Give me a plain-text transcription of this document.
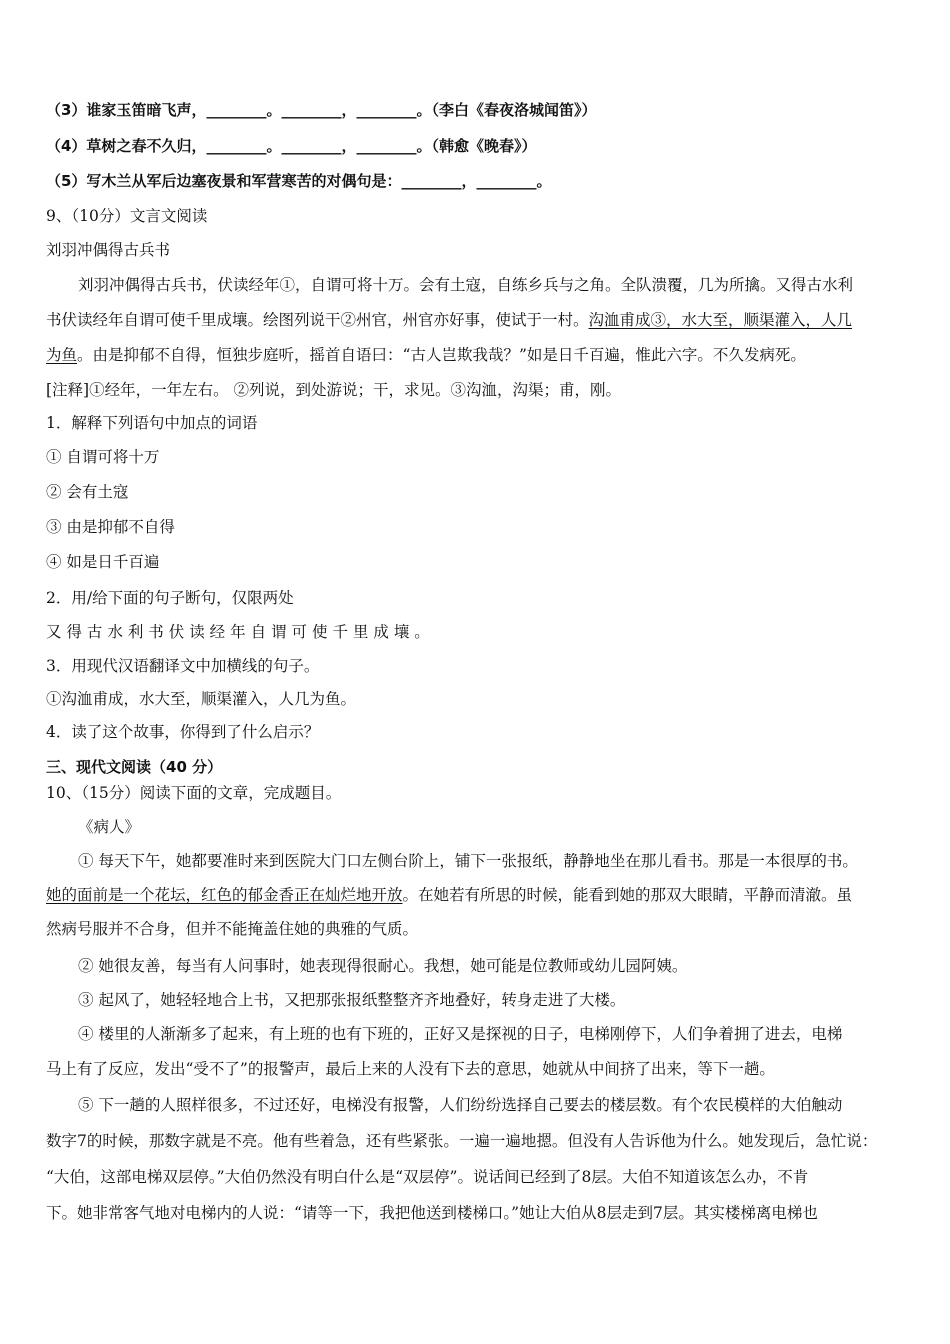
（3）谁家玉笛暗飞声，________。________，________。（李白《春夜洛城闻笛》）
（4）草树之春不久归，________。________，________。（韩愈《晚春》）
（5）写木兰从军后边塞夜景和军营寒苦的对偶句是：________，________。
9、（10分）文言文阅读
刘羽冲偶得古兵书
刘羽冲偶得古兵书，伏读经年①，自谓可将十万。会有土寇，自练乡兵与之角。全队溃覆，几为所擒。又得古水利
书伏读经年自谓可使千里成壤。绘图列说干②州官，州官亦好事，使试于一村。沟洫甫成③，水大至，顺渠灌入，人几
为鱼。由是抑郁不自得，恒独步庭听，摇首自语曰：“古人岂欺我哉？”如是日千百遍，惟此六字。不久发病死。
[注释]①经年，一年左右。 ②列说，到处游说；干，求见。③沟洫，沟渠；甫，刚。
1．解释下列语句中加点的词语
① 自谓可将十万
② 会有土寇
③ 由是抑郁不自得
④ 如是日千百遍
2．用/给下面的句子断句，仅限两处
又得古水利书伏读经年自谓可使千里成壤。
3．用现代汉语翻译文中加横线的句子。
①沟洫甫成，水大至，顺渠灌入，人几为鱼。
4．读了这个故事，你得到了什么启示？
三、现代文阅读（40 分）
10、（15分）阅读下面的文章，完成题目。
《病人》
① 每天下午，她都要准时来到医院大门口左侧台阶上，铺下一张报纸，静静地坐在那儿看书。那是一本很厚的书。
她的面前是一个花坛，红色的郁金香正在灿烂地开放。在她若有所思的时候，能看到她的那双大眼睛，平静而清澈。虽
然病号服并不合身，但并不能掩盖住她的典雅的气质。
② 她很友善，每当有人问事时，她表现得很耐心。我想，她可能是位教师或幼儿园阿姨。
③ 起风了，她轻轻地合上书，又把那张报纸整整齐齐地叠好，转身走进了大楼。
④ 楼里的人渐渐多了起来，有上班的也有下班的，正好又是探视的日子，电梯刚停下，人们争着拥了进去，电梯
马上有了反应，发出“受不了”的报警声，最后上来的人没有下去的意思，她就从中间挤了出来，等下一趟。
⑤ 下一趟的人照样很多，不过还好，电梯没有报警，人们纷纷选择自己要去的楼层数。有个农民模样的大伯触动
数字7的时候，那数字就是不亮。他有些着急，还有些紧张。一遍一遍地摁。但没有人告诉他为什么。她发现后，急忙说：
“大伯，这部电梯双层停。”大伯仍然没有明白什么是“双层停”。说话间已经到了8层。大伯不知道该怎么办，不肯
下。她非常客气地对电梯内的人说：“请等一下，我把他送到楼梯口。”她让大伯从8层走到7层。其实楼梯离电梯也
